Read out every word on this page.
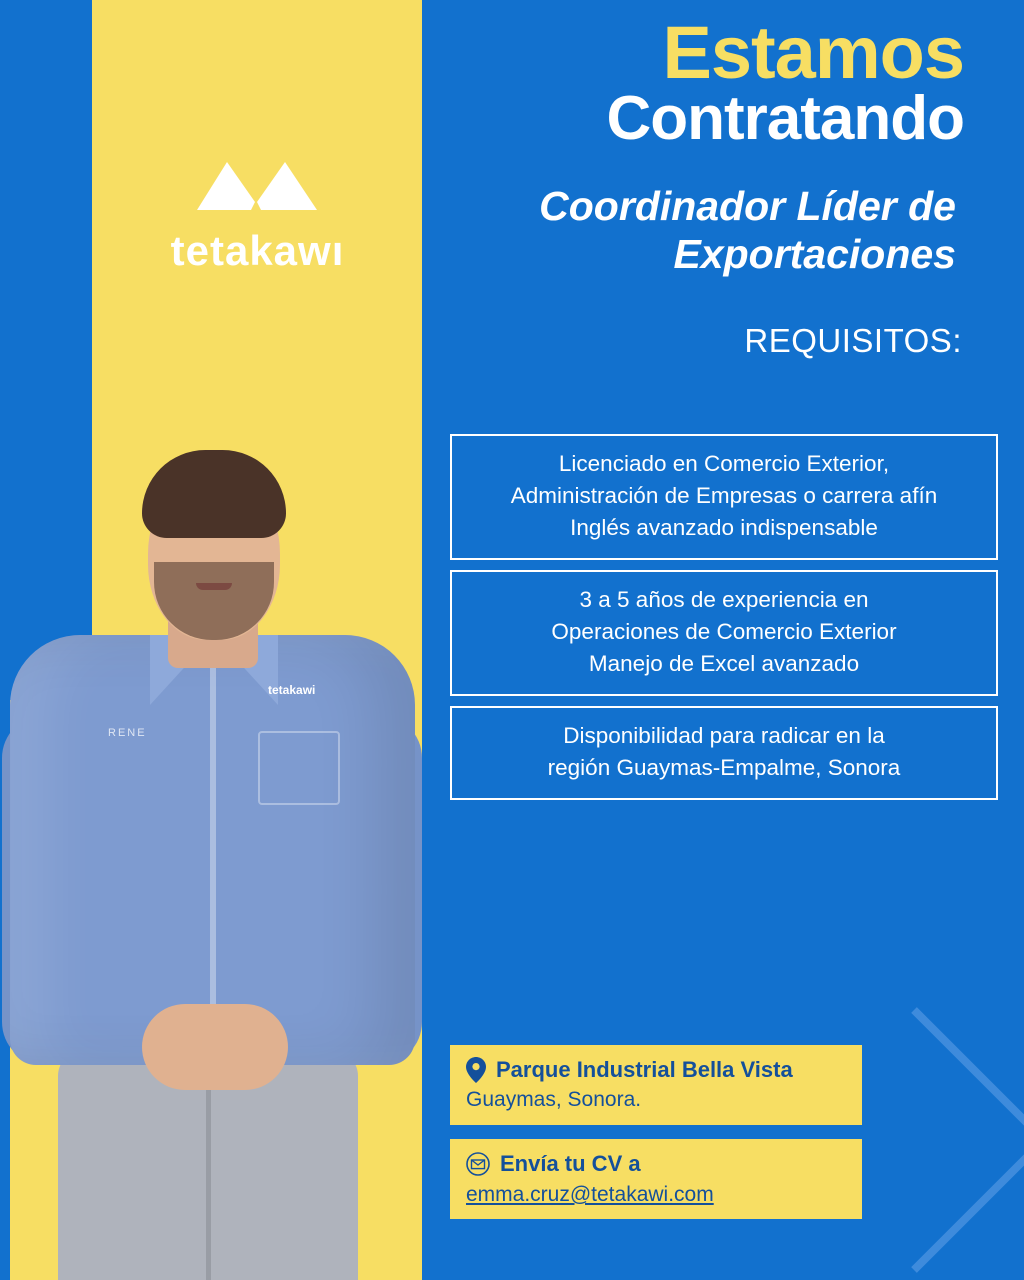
tetakawı
RENE
tetakawi
Estamos
Contratando
Coordinador Líder de Exportaciones
REQUISITOS:
Licenciado en Comercio Exterior,
Administración de Empresas o carrera afín
Inglés avanzado indispensable
3 a 5 años de experiencia en
Operaciones de Comercio Exterior
Manejo de Excel avanzado
Disponibilidad para radicar en la
región Guaymas-Empalme, Sonora
Parque Industrial Bella Vista
Guaymas, Sonora.
Envía tu CV a
emma.cruz@tetakawi.com
